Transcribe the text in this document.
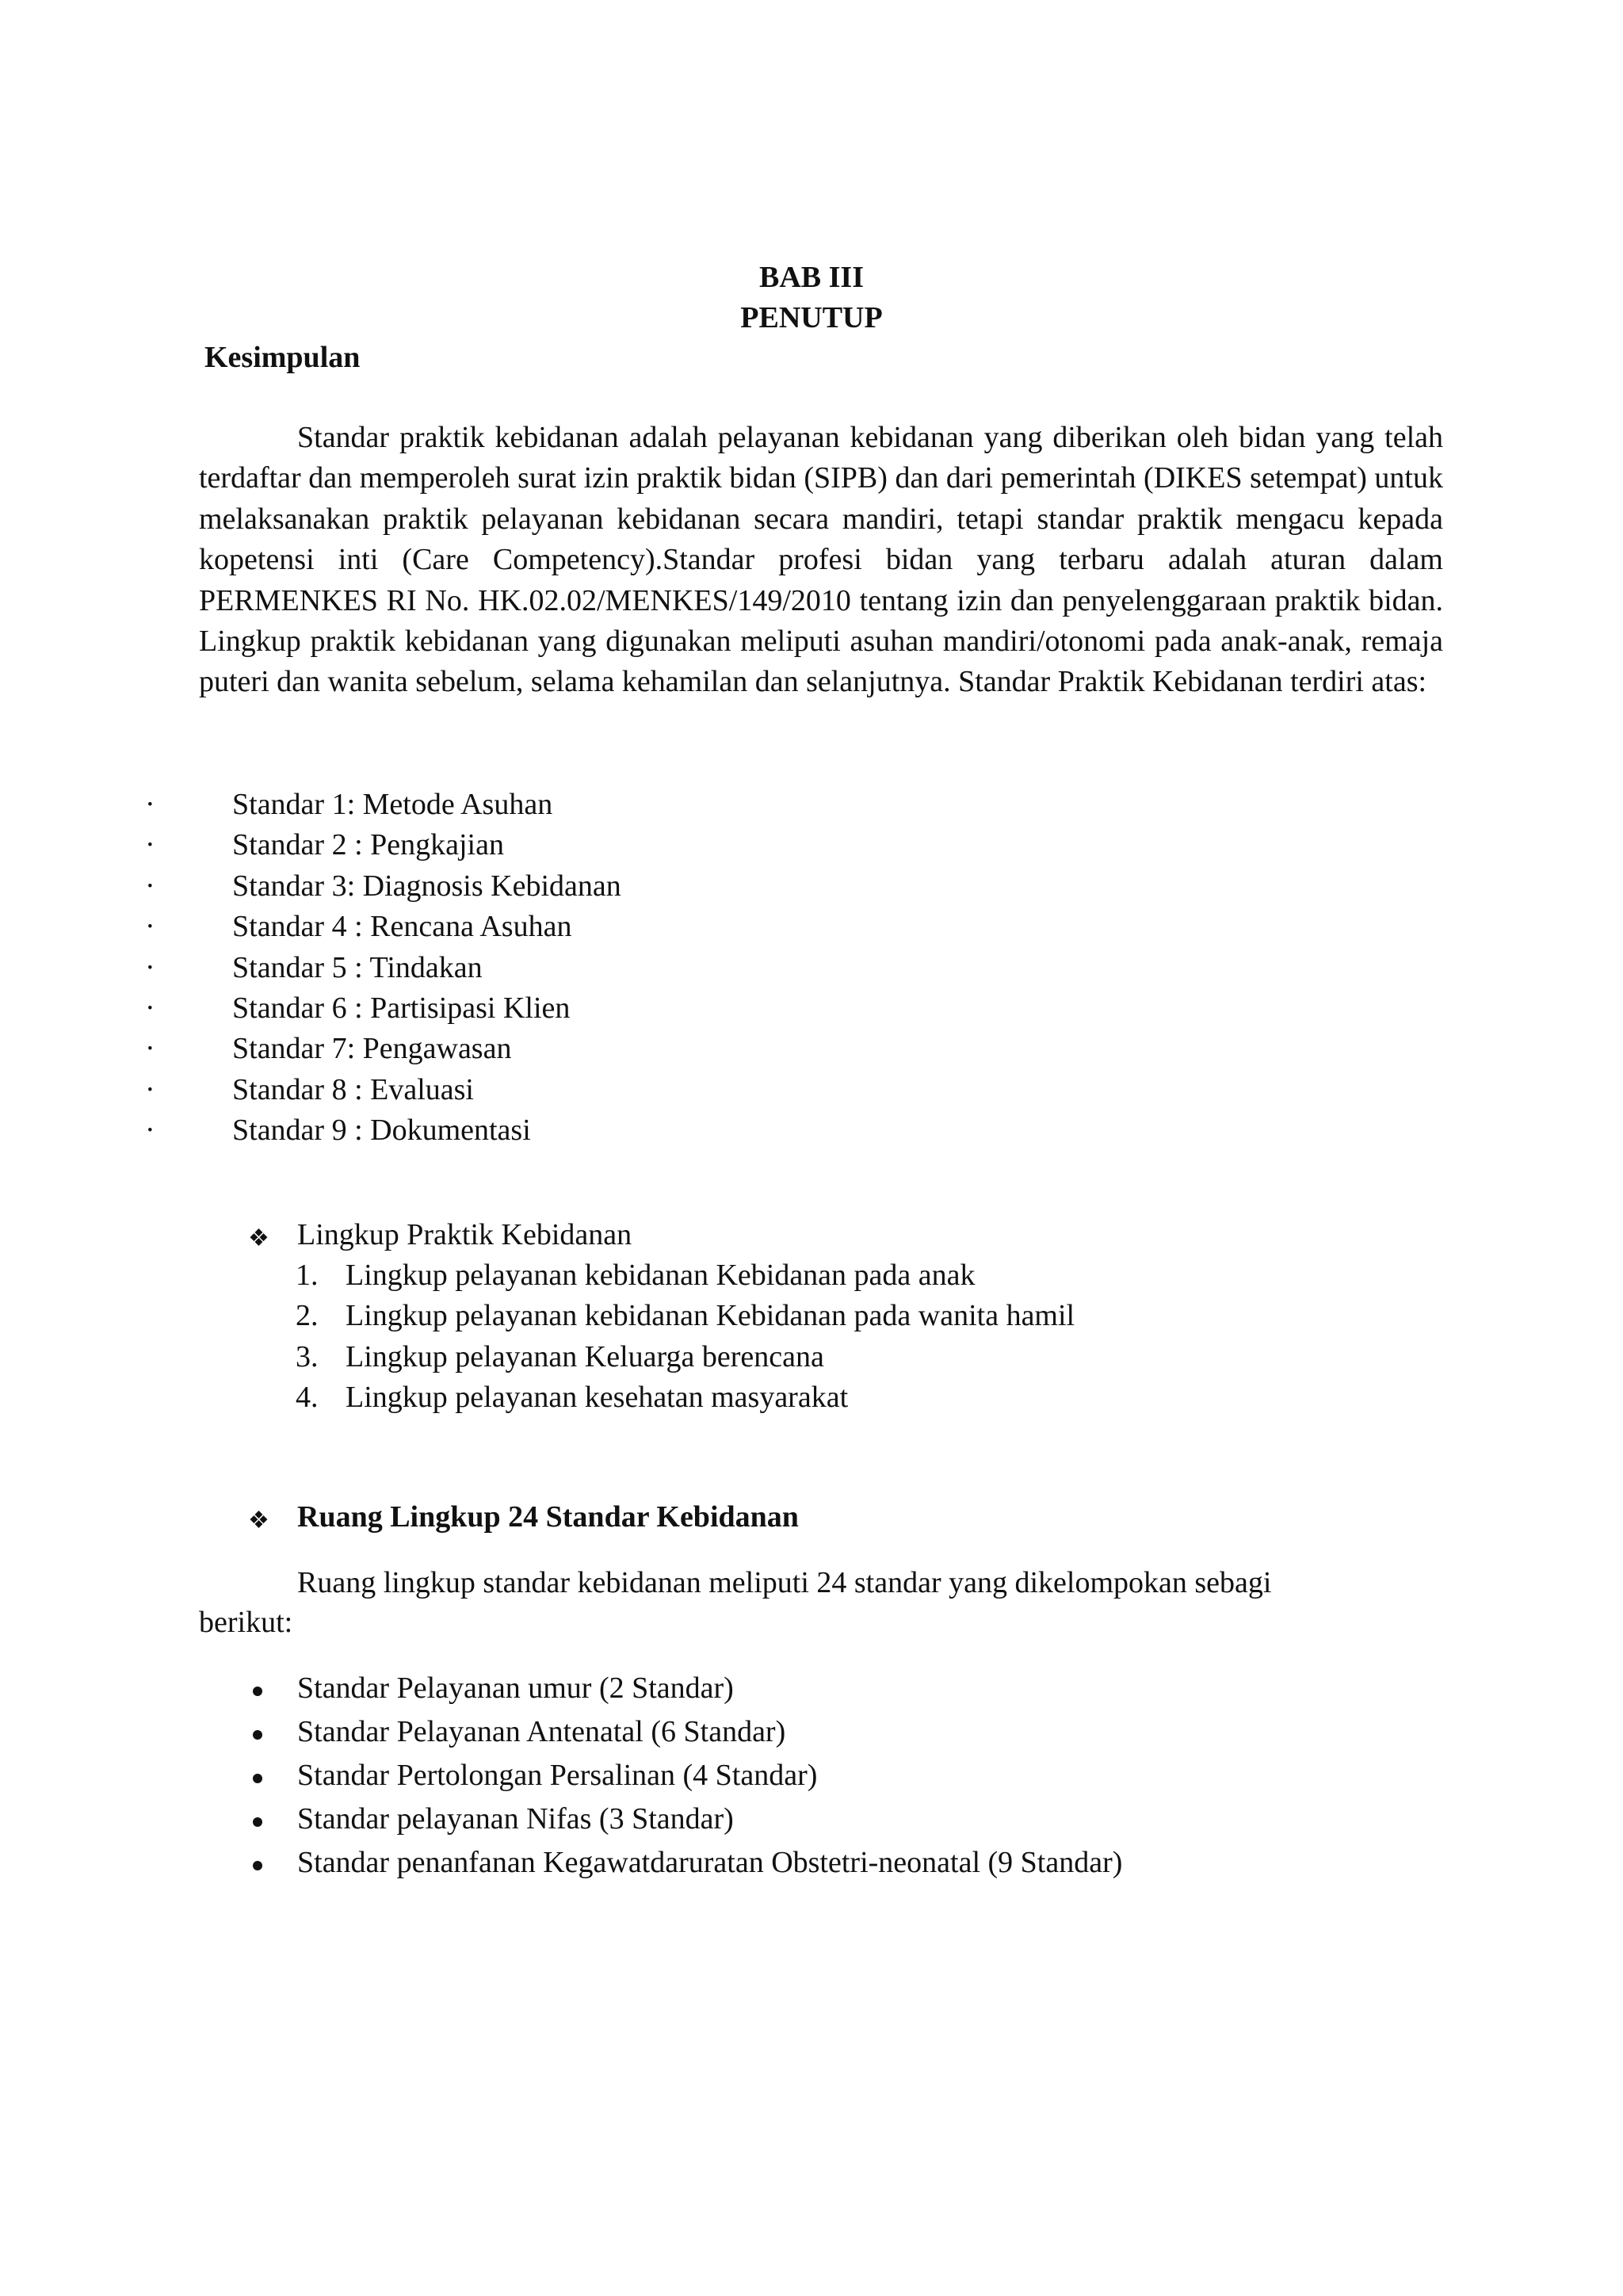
BAB III
PENUTUP
Kesimpulan
Standar praktik kebidanan adalah pelayanan kebidanan yang diberikan oleh bidan yang telah terdaftar dan memperoleh surat izin praktik bidan (SIPB) dan dari pemerintah (DIKES setempat) untuk melaksanakan praktik pelayanan kebidanan secara mandiri, tetapi standar praktik mengacu kepada kopetensi inti (Care Competency).Standar profesi bidan yang terbaru adalah aturan dalam PERMENKES RI No. HK.02.02/MENKES/149/2010 tentang izin dan penyelenggaraan praktik bidan. Lingkup praktik kebidanan yang digunakan meliputi asuhan mandiri/otonomi pada anak-anak, remaja puteri dan wanita sebelum, selama kehamilan dan selanjutnya. Standar Praktik Kebidanan terdiri atas:
·	Standar 1: Metode Asuhan
·	Standar 2 : Pengkajian
·	Standar 3: Diagnosis Kebidanan
·	Standar 4 : Rencana Asuhan
·	Standar 5 : Tindakan
·	Standar 6 : Partisipasi Klien
·	Standar 7: Pengawasan
·	Standar 8 : Evaluasi
·	Standar 9 : Dokumentasi
❖ Lingkup Praktik Kebidanan
1. Lingkup pelayanan kebidanan Kebidanan pada anak
2. Lingkup pelayanan kebidanan Kebidanan pada wanita hamil
3. Lingkup pelayanan Keluarga berencana
4. Lingkup pelayanan kesehatan masyarakat
❖ Ruang Lingkup 24 Standar Kebidanan
Ruang lingkup standar kebidanan meliputi 24 standar yang dikelompokan sebagi
berikut:
Standar Pelayanan umur (2 Standar)
Standar Pelayanan Antenatal (6 Standar)
Standar Pertolongan Persalinan (4 Standar)
Standar pelayanan Nifas (3 Standar)
Standar penanfanan Kegawatdaruratan Obstetri-neonatal (9 Standar)
